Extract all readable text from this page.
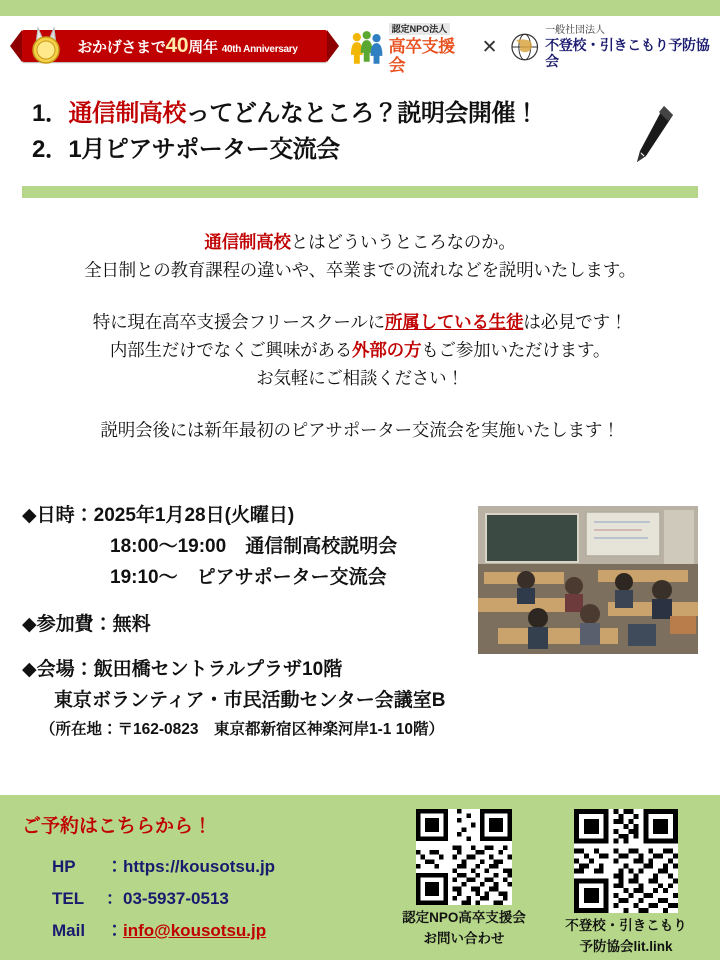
おかげさまで40周年 40th Anniversary
認定NPO法人
高卒支援会
✕
一般社団法人
不登校・引きこもり予防協会
1．通信制高校ってどんなところ？説明会開催！
2．1月ピアサポーター交流会

通信制高校とはどういうところなのか。

全日制との教育課程の違いや、卒業までの流れなどを説明いたします。

特に現在高卒支援会フリースクールに所属している生徒は必見です！

内部生だけでなくご興味がある外部の方もご参加いただけます。

お気軽にご相談ください！

説明会後には新年最初のピアサポーター交流会を実施いたします！

◆日時：2025年1月28日(火曜日)
18:00〜19:00　通信制高校説明会
19:10〜　ピアサポーター交流会
◆参加費：無料
◆会場：飯田橋セントラルプラザ10階
東京ボランティア・市民活動センター会議室B
（所在地：〒162-0823　東京都新宿区神楽河岸1-1 10階）
ご予約はこちらから！
HP ：https://kousotsu.jp
TEL ：03-5937-0513
Mail ：info@kousotsu.jp
認定NPO高卒支援会
お問い合わせ
不登校・引きこもり
予防協会lit.link
